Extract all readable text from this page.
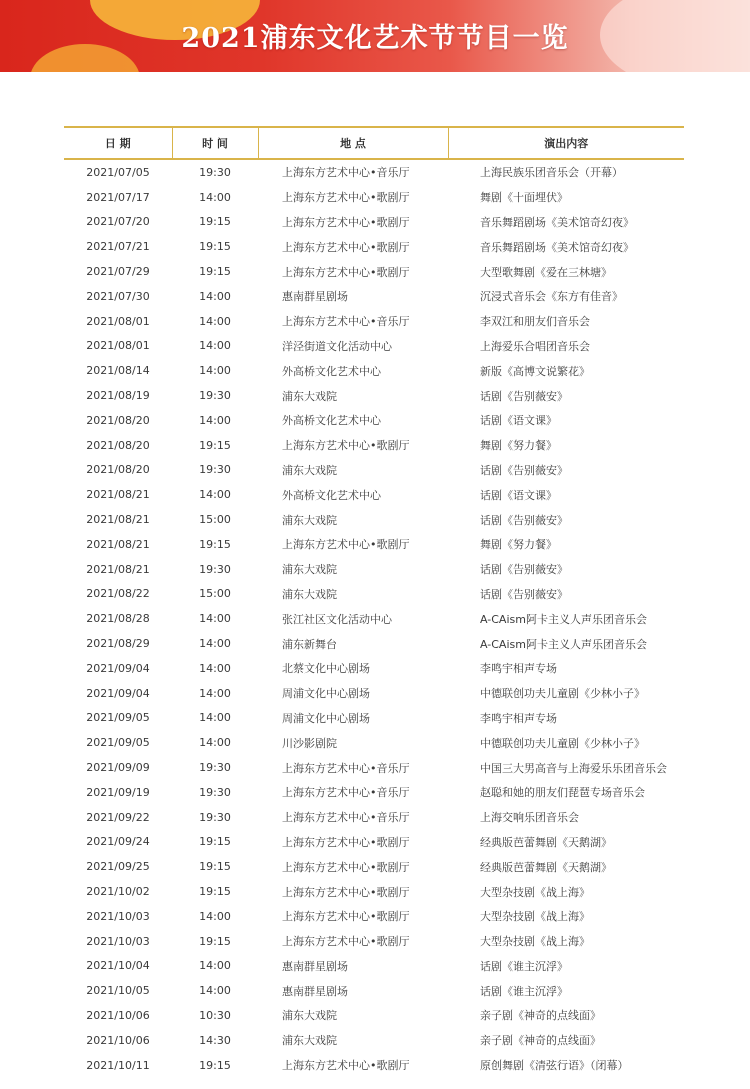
2021浦东文化艺术节节目一览
日 期	时 间	地 点	演出内容
2021/07/05	19:30	上海东方艺术中心•音乐厅	上海民族乐团音乐会（开幕）
2021/07/17	14:00	上海东方艺术中心•歌剧厅	舞剧《十面埋伏》
2021/07/20	19:15	上海东方艺术中心•歌剧厅	音乐舞蹈剧场《美术馆奇幻夜》
2021/07/21	19:15	上海东方艺术中心•歌剧厅	音乐舞蹈剧场《美术馆奇幻夜》
2021/07/29	19:15	上海东方艺术中心•歌剧厅	大型歌舞剧《爱在三林塘》
2021/07/30	14:00	惠南群星剧场	沉浸式音乐会《东方有佳音》
2021/08/01	14:00	上海东方艺术中心•音乐厅	李双江和朋友们音乐会
2021/08/01	14:00	洋泾街道文化活动中心	上海爱乐合唱团音乐会
2021/08/14	14:00	外高桥文化艺术中心	新版《高博文说繁花》
2021/08/19	19:30	浦东大戏院	话剧《告别薇安》
2021/08/20	14:00	外高桥文化艺术中心	话剧《语文课》
2021/08/20	19:15	上海东方艺术中心•歌剧厅	舞剧《努力餐》
2021/08/20	19:30	浦东大戏院	话剧《告别薇安》
2021/08/21	14:00	外高桥文化艺术中心	话剧《语文课》
2021/08/21	15:00	浦东大戏院	话剧《告别薇安》
2021/08/21	19:15	上海东方艺术中心•歌剧厅	舞剧《努力餐》
2021/08/21	19:30	浦东大戏院	话剧《告别薇安》
2021/08/22	15:00	浦东大戏院	话剧《告别薇安》
2021/08/28	14:00	张江社区文化活动中心	A-CAism阿卡主义人声乐团音乐会
2021/08/29	14:00	浦东新舞台	A-CAism阿卡主义人声乐团音乐会
2021/09/04	14:00	北蔡文化中心剧场	李鸣宇相声专场
2021/09/04	14:00	周浦文化中心剧场	中德联创功夫儿童剧《少林小子》
2021/09/05	14:00	周浦文化中心剧场	李鸣宇相声专场
2021/09/05	14:00	川沙影剧院	中德联创功夫儿童剧《少林小子》
2021/09/09	19:30	上海东方艺术中心•音乐厅	中国三大男高音与上海爱乐乐团音乐会
2021/09/19	19:30	上海东方艺术中心•音乐厅	赵聪和她的朋友们琵琶专场音乐会
2021/09/22	19:30	上海东方艺术中心•音乐厅	上海交响乐团音乐会
2021/09/24	19:15	上海东方艺术中心•歌剧厅	经典版芭蕾舞剧《天鹅湖》
2021/09/25	19:15	上海东方艺术中心•歌剧厅	经典版芭蕾舞剧《天鹅湖》
2021/10/02	19:15	上海东方艺术中心•歌剧厅	大型杂技剧《战上海》
2021/10/03	14:00	上海东方艺术中心•歌剧厅	大型杂技剧《战上海》
2021/10/03	19:15	上海东方艺术中心•歌剧厅	大型杂技剧《战上海》
2021/10/04	14:00	惠南群星剧场	话剧《谁主沉浮》
2021/10/05	14:00	惠南群星剧场	话剧《谁主沉浮》
2021/10/06	10:30	浦东大戏院	亲子剧《神奇的点线面》
2021/10/06	14:30	浦东大戏院	亲子剧《神奇的点线面》
2021/10/11	19:15	上海东方艺术中心•歌剧厅	原创舞剧《清弦行语》（闭幕）
